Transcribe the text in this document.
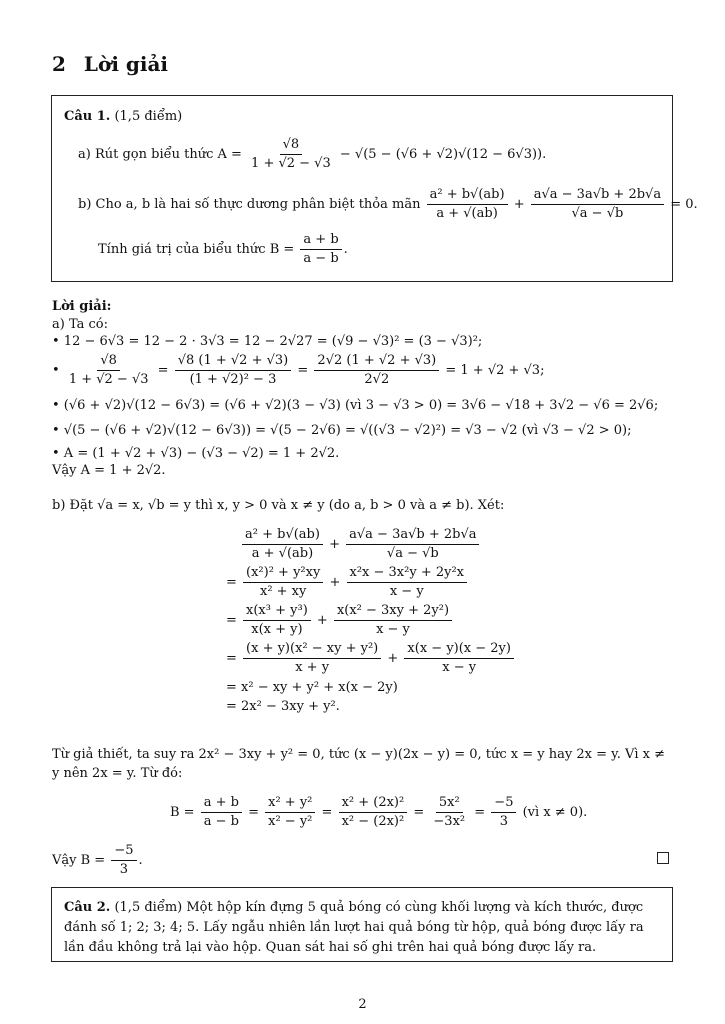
2 Lời giải
Câu 1. (1,5 điểm)
a) Rút gọn biểu thức $A = \frac{√8}{1 + √2 - √3} - √(5 - (√6 + √2)√(12 - 6√3))$.
b) Cho a, b là hai số thực dương phân biệt thỏa mãn $\frac{\text{a² + b√(ab)}}{a + √(ab)} + \frac{a√a - 3a√b + 2b√a}{√a - √b} = 0$.
Tính giá trị của biểu thức $B = \frac{a + b}{a - b}$ .
Lời giải:
a) Ta có:
• 12 − 6√3 = 12 − 2 · 3√3 = 12 − 2√27 = (√9 − √3)² = (3 − √3)²;
• $\frac{√8}{1 + √2 - √3} = \frac{√8 (1 + √2 + √3)}{\text{(1 + √2)² − 3}} = \frac{2√2 (1 + √2 + √3)}{2√2} = 1 + √2 + √3$;
• (√6 + √2)√(12 − 6√3) = (√6 + √2)(3 − √3) (vì 3 − √3 > 0) = 3√6 − √18 + 3√2 − √6 = 2√6;
• √(5 − (√6 + √2)√(12 − 6√3)) = √(5 − 2√6) = √((√3 − √2)²) = √3 − √2 (vì √3 − √2 > 0);
• A = (1 + √2 + √3) − (√3 − √2) = 1 + 2√2.
Vậy A = 1 + 2√2.
b) Đặt √a = x, √b = y thì x, y > 0 và x ≠ y (do a, b > 0 và a ≠ b). Xét:
$\frac{\text{a² + b√(ab)}}{a + √(ab)} + \frac{a√a - 3a√b + 2b√a}{√a - √b}$
= $\frac{\text{(x²)² + y²xy}}{\text{x² + xy}} + \frac{\text{x²x − 3x²y + 2y²x}}{x - y}$
= $\frac{\text{x(x³ + y³)}}{x(x + y)} + \frac{\text{x(x² − 3xy + 2y²)}}{x - y}$
= $\frac{\text{(x + y)(x² − xy + y²)}}{x + y} + \frac{x(x - y)(x - 2y)}{x - y}$
= x² − xy + y² + x(x − 2y)
= 2x² − 3xy + y².
Từ giả thiết, ta suy ra 2x² − 3xy + y² = 0, tức (x − y)(2x − y) = 0, tức x = y hay 2x = y. Vì x ≠ y nên 2x = y. Từ đó:
$B = \frac{a + b}{a - b} = \frac{\text{x² + y²}}{\text{x² − y²}} = \frac{\text{x² + (2x)²}}{\text{x² − (2x)²}} = \frac{\text{5x²}}{\text{−3x²}} = \frac{-5}{3}$ (vì x ≠ 0).
Vậy $B = \frac{-5}{3}$ .
Câu 2. (1,5 điểm) Một hộp kín đựng 5 quả bóng có cùng khối lượng và kích thước, được đánh số 1; 2; 3; 4; 5. Lấy ngẫu nhiên lần lượt hai quả bóng từ hộp, quả bóng được lấy ra lần đầu không trả lại vào hộp. Quan sát hai số ghi trên hai quả bóng được lấy ra.
2
